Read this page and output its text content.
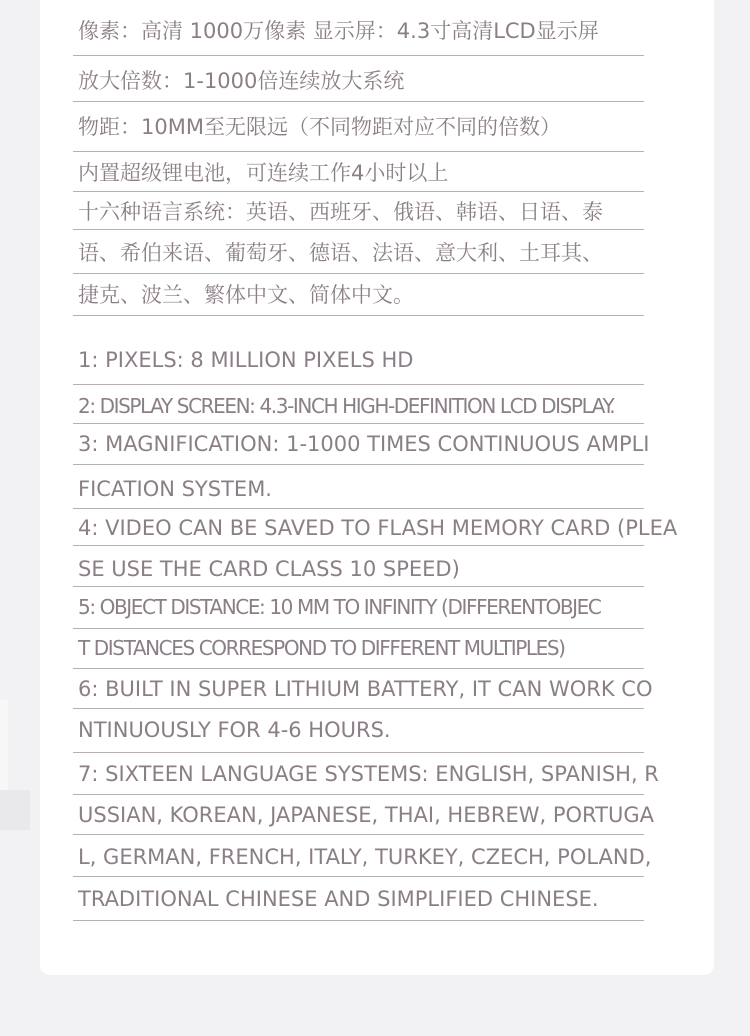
像素：高清 1000万像素 显示屏：4.3寸高清LCD显示屏

放大倍数：1-1000倍连续放大系统

物距：10MM至无限远（不同物距对应不同的倍数）

内置超级锂电池，可连续工作4小时以上

十六种语言系统：英语、西班牙、俄语、韩语、日语、泰

语、希伯来语、葡萄牙、德语、法语、意大利、土耳其、

捷克、波兰、繁体中文、简体中文。

1: PIXELS: 8 MILLION PIXELS HD

2: DISPLAY SCREEN: 4.3-INCH HIGH-DEFINITION LCD DISPLAY.

3: MAGNIFICATION: 1-1000 TIMES CONTINUOUS AMPLI

FICATION SYSTEM.

4: VIDEO CAN BE SAVED TO FLASH MEMORY CARD (PLEA

SE USE THE CARD CLASS 10 SPEED)

5: OBJECT DISTANCE: 10 MM TO INFINITY (DIFFERENTOBJEC

T DISTANCES CORRESPOND TO DIFFERENT MULTIPLES)

6: BUILT IN SUPER LITHIUM BATTERY, IT CAN WORK CO

NTINUOUSLY FOR 4-6 HOURS.

7: SIXTEEN LANGUAGE SYSTEMS: ENGLISH, SPANISH, R

USSIAN, KOREAN, JAPANESE, THAI, HEBREW, PORTUGA

L, GERMAN, FRENCH, ITALY, TURKEY, CZECH, POLAND,

TRADITIONAL CHINESE AND SIMPLIFIED CHINESE.
